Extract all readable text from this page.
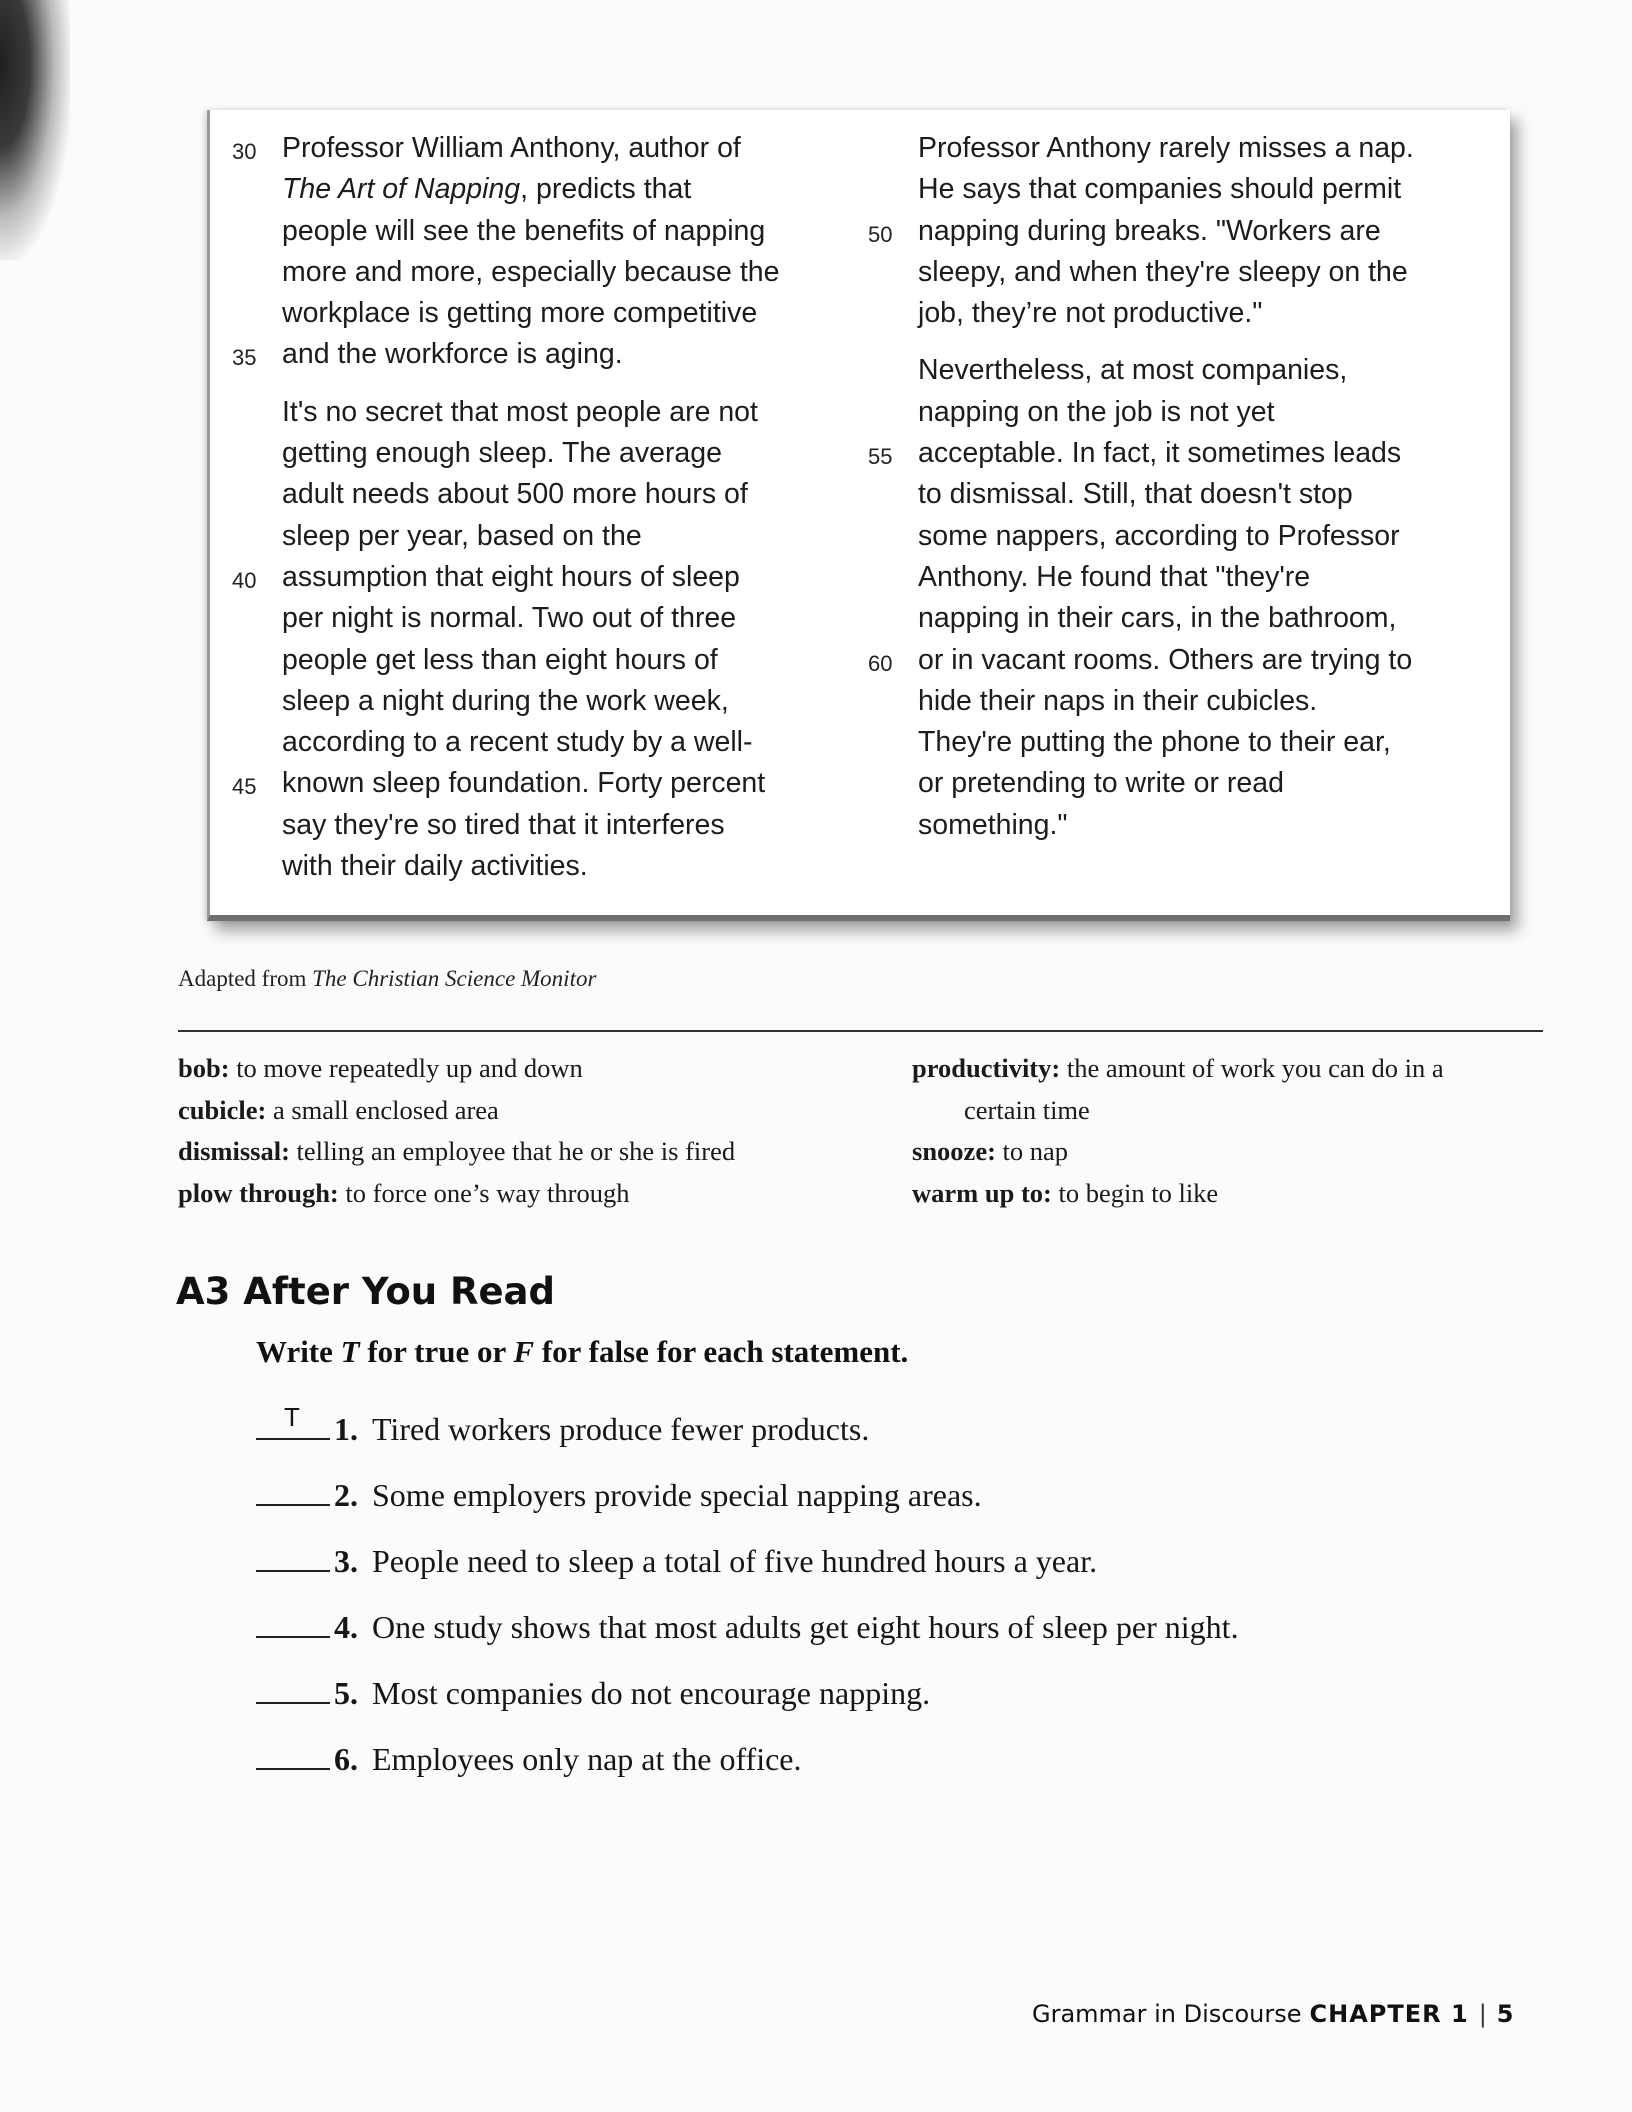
30 Professor William Anthony, author of
The Art of Napping, predicts that
people will see the benefits of napping
more and more, especially because the
workplace is getting more competitive
35 and the workforce is aging.

It's no secret that most people are not
getting enough sleep. The average
adult needs about 500 more hours of
sleep per year, based on the
40 assumption that eight hours of sleep
per night is normal. Two out of three
people get less than eight hours of
sleep a night during the work week,
according to a recent study by a well-
45 known sleep foundation. Forty percent
say they're so tired that it interferes
with their daily activities.

Professor Anthony rarely misses a nap.
He says that companies should permit
50 napping during breaks. "Workers are
sleepy, and when they're sleepy on the
job, they’re not productive."

Nevertheless, at most companies,
napping on the job is not yet
55 acceptable. In fact, it sometimes leads
to dismissal. Still, that doesn't stop
some nappers, according to Professor
Anthony. He found that "they're
napping in their cars, in the bathroom,
60 or in vacant rooms. Others are trying to
hide their naps in their cubicles.
They're putting the phone to their ear,
or pretending to write or read
something."

Adapted from The Christian Science Monitor
bob: to move repeatedly up and down
cubicle: a small enclosed area
dismissal: telling an employee that he or she is fired
plow through: to force one’s way through
productivity: the amount of work you can do in a
certain time
snooze: to nap
warm up to: to begin to like
A3 After You Read
Write T for true or F for false for each statement.
T 1. Tired workers produce fewer products.
2. Some employers provide special napping areas.
3. People need to sleep a total of five hundred hours a year.
4. One study shows that most adults get eight hours of sleep per night.
5. Most companies do not encourage napping.
6. Employees only nap at the office.
Grammar in Discourse CHAPTER 1 | 5
